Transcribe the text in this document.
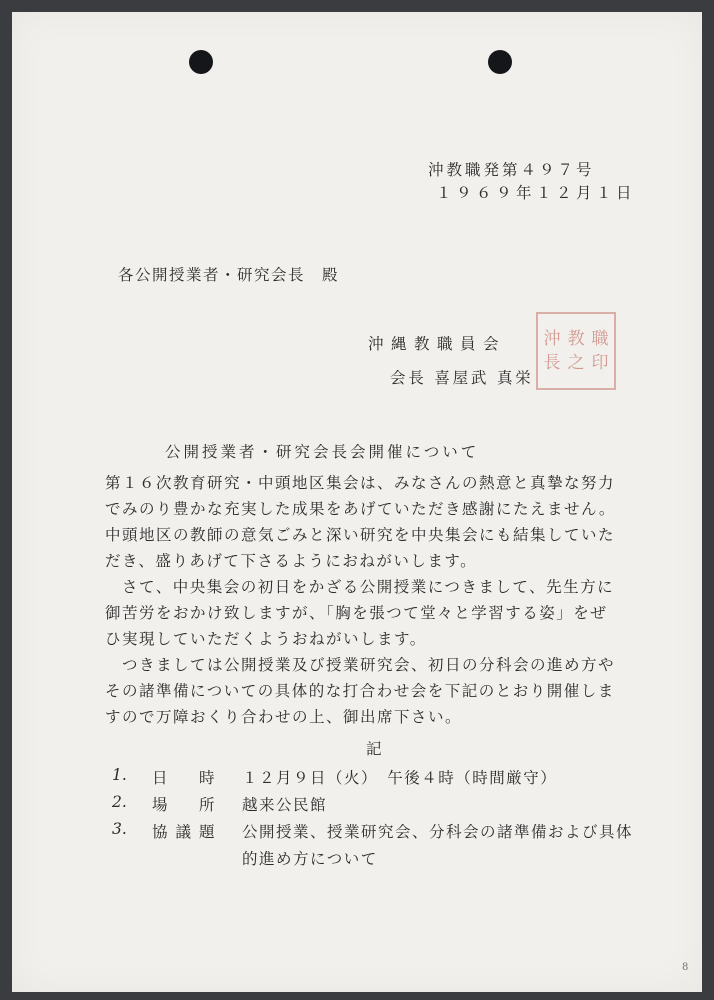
沖教職発第４９７号
１９６９年１２月１日
各公開授業者・研究会長　殿
沖縄教職員会
会長 喜屋武 真栄
沖 教 職
長 之 印
公開授業者・研究会長会開催について

第１６次教育研究・中頭地区集会は、みなさんの熱意と真摯な努力

でみのり豊かな充実した成果をあげていただき感謝にたえません。

中頭地区の教師の意気ごみと深い研究を中央集会にも結集していた

だき、盛りあげて下さるようにおねがいします。

　さて、中央集会の初日をかざる公開授業につきまして、先生方に

御苦労をおかけ致しますが、「胸を張つて堂々と学習する姿」をぜ

ひ実現していただくようおねがいします。

　つきましては公開授業及び授業研究会、初日の分科会の進め方や

その諸準備についての具体的な打合わせ会を下記のとおり開催しま

すので万障おくり合わせの上、御出席下さい。

記
1.	日　時 １２月９日（火）　午後４時（時間厳守）
2.	場　所 越来公民館
3.	協議題 公開授業、授業研究会、分科会の諸準備および具体
的進め方について
8
